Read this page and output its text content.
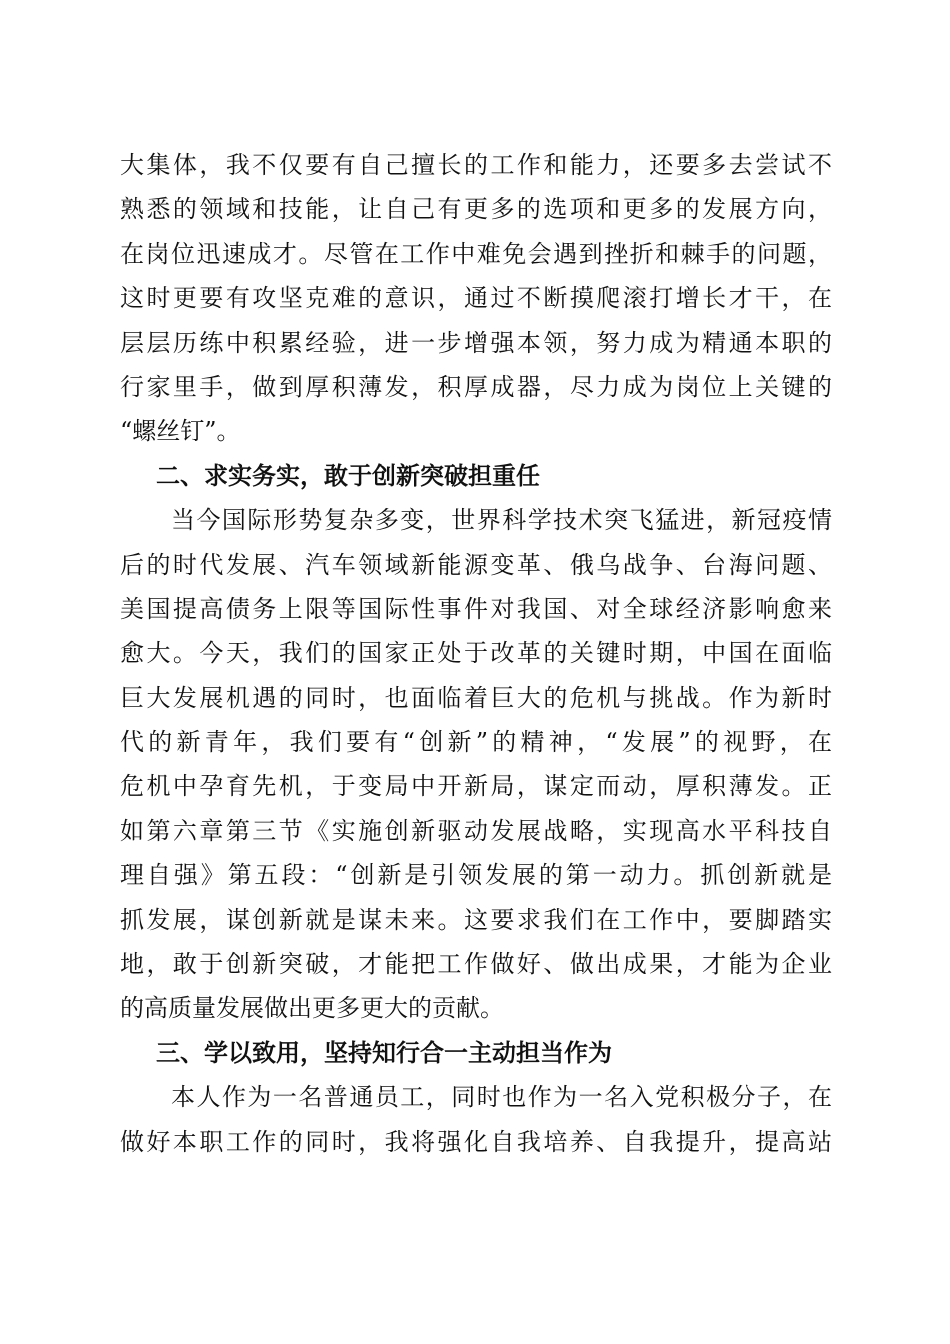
大集体，我不仅要有自己擅长的工作和能力，还要多去尝试不
熟悉的领域和技能，让自己有更多的选项和更多的发展方向，
在岗位迅速成才。尽管在工作中难免会遇到挫折和棘手的问题，
这时更要有攻坚克难的意识，通过不断摸爬滚打增长才干，在
层层历练中积累经验，进一步增强本领，努力成为精通本职的
行家里手，做到厚积薄发，积厚成器，尽力成为岗位上关键的
“螺丝钉”。
二、求实务实，敢于创新突破担重任
　　当今国际形势复杂多变，世界科学技术突飞猛进，新冠疫情
后的时代发展、汽车领域新能源变革、俄乌战争、台海问题、
美国提高债务上限等国际性事件对我国、对全球经济影响愈来
愈大。今天，我们的国家正处于改革的关键时期，中国在面临
巨大发展机遇的同时，也面临着巨大的危机与挑战。作为新时
代的新青年，我们要有“创新”的精神，“发展”的视野，在
危机中孕育先机，于变局中开新局，谋定而动，厚积薄发。正
如第六章第三节《实施创新驱动发展战略，实现高水平科技自
理自强》第五段：“创新是引领发展的第一动力。抓创新就是
抓发展，谋创新就是谋未来。这要求我们在工作中，要脚踏实
地，敢于创新突破，才能把工作做好、做出成果，才能为企业
的高质量发展做出更多更大的贡献。
三、学以致用，坚持知行合一主动担当作为
　　本人作为一名普通员工，同时也作为一名入党积极分子，在
做好本职工作的同时，我将强化自我培养、自我提升，提高站
